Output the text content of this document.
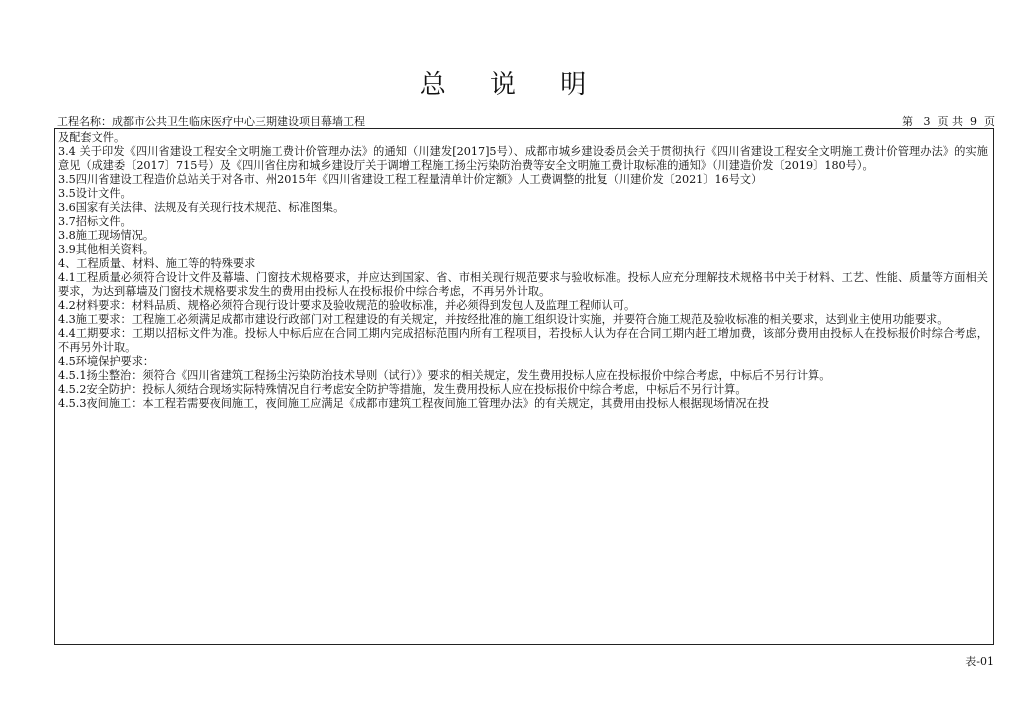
总 说 明
工程名称：成都市公共卫生临床医疗中心三期建设项目幕墙工程	第 3 页 共 9 页

及配套文件。

3.4 关于印发《四川省建设工程安全文明施工费计价管理办法》的通知（川建发[2017]5号）、成都市城乡建设委员会关于贯彻执行《四川省建设工程安全文明施工费计价管理办法》的实施意见（成建委〔2017〕715号）及《四川省住房和城乡建设厅关于调增工程施工扬尘污染防治费等安全文明施工费计取标准的通知》（川建造价发〔2019〕180号）。

3.5四川省建设工程造价总站关于对各市、州2015年《四川省建设工程工程量清单计价定额》人工费调整的批复（川建价发〔2021〕16号文）

3.5设计文件。

3.6国家有关法律、法规及有关现行技术规范、标准图集。

3.7招标文件。

3.8施工现场情况。

3.9其他相关资料。

4、工程质量、材料、施工等的特殊要求

4.1工程质量必须符合设计文件及幕墙、门窗技术规格要求，并应达到国家、省、市相关现行规范要求与验收标准。投标人应充分理解技术规格书中关于材料、工艺、性能、质量等方面相关要求，为达到幕墙及门窗技术规格要求发生的费用由投标人在投标报价中综合考虑，不再另外计取。

4.2材料要求：材料品质、规格必须符合现行设计要求及验收规范的验收标准，并必须得到发包人及监理工程师认可。

4.3施工要求：工程施工必须满足成都市建设行政部门对工程建设的有关规定，并按经批准的施工组织设计实施，并要符合施工规范及验收标准的相关要求，达到业主使用功能要求。

4.4工期要求：工期以招标文件为准。投标人中标后应在合同工期内完成招标范围内所有工程项目，若投标人认为存在合同工期内赶工增加费，该部分费用由投标人在投标报价时综合考虑，不再另外计取。

4.5环境保护要求：

4.5.1扬尘整治：须符合《四川省建筑工程扬尘污染防治技术导则（试行）》要求的相关规定，发生费用投标人应在投标报价中综合考虑，中标后不另行计算。

4.5.2安全防护：投标人须结合现场实际特殊情况自行考虑安全防护等措施，发生费用投标人应在投标报价中综合考虑，中标后不另行计算。

4.5.3夜间施工：本工程若需要夜间施工，夜间施工应满足《成都市建筑工程夜间施工管理办法》的有关规定，其费用由投标人根据现场情况在投

表-01
